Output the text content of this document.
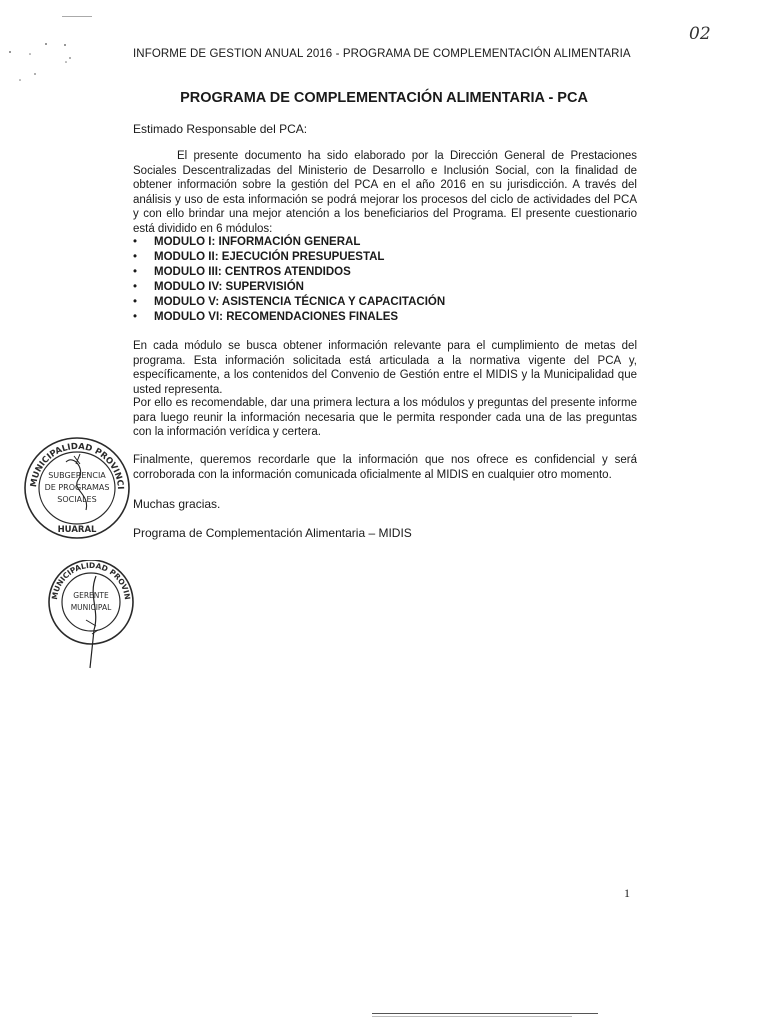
INFORME DE GESTION ANUAL 2016 - PROGRAMA DE COMPLEMENTACIÓN ALIMENTARIA
02
PROGRAMA DE COMPLEMENTACIÓN ALIMENTARIA - PCA
Estimado Responsable del PCA:
El presente documento ha sido elaborado por la Dirección General de Prestaciones Sociales Descentralizadas del Ministerio de Desarrollo e Inclusión Social, con la finalidad de obtener información sobre la gestión del PCA en el año 2016 en su jurisdicción. A través del análisis y uso de esta información se podrá mejorar los procesos del ciclo de actividades del PCA y con ello brindar una mejor atención a los beneficiarios del Programa. El presente cuestionario está dividido en 6 módulos:
• MODULO I: INFORMACIÓN GENERAL
• MODULO II: EJECUCIÓN PRESUPUESTAL
• MODULO III: CENTROS ATENDIDOS
• MODULO IV: SUPERVISIÓN
• MODULO V: ASISTENCIA TÉCNICA Y CAPACITACIÓN
• MODULO VI: RECOMENDACIONES FINALES
En cada módulo se busca obtener información relevante para el cumplimiento de metas del programa. Esta información solicitada está articulada a la normativa vigente del PCA y, específicamente, a los contenidos del Convenio de Gestión entre el MIDIS y la Municipalidad que usted representa.
Por ello es recomendable, dar una primera lectura a los módulos y preguntas del presente informe para luego reunir la información necesaria que le permita responder cada una de las preguntas con la información verídica y certera.
Finalmente, queremos recordarle que la información que nos ofrece es confidencial y será corroborada con la información comunicada oficialmente al MIDIS en cualquier otro momento.
Muchas gracias.
Programa de Complementación Alimentaria – MIDIS
MUNICIPALIDAD PROVINCI
SUBGERENCIA
DE PROGRAMAS
SOCIALES
HUARAL
MUNICIPALIDAD PROVIN
GERENTE
MUNICIPAL
1
